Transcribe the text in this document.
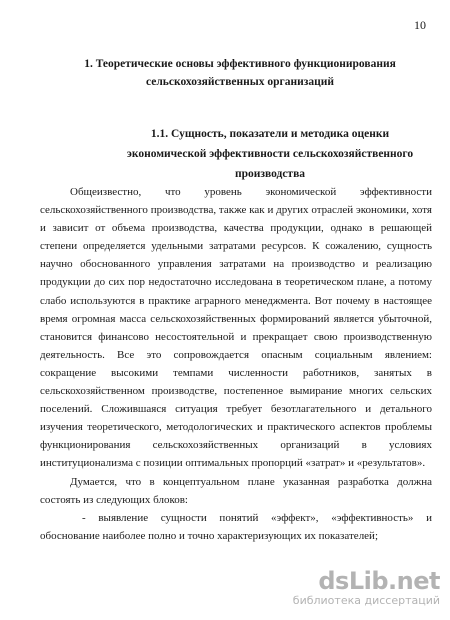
10
1. Теоретические основы эффективного функционирования сельскохозяйственных организаций
1.1. Сущность, показатели и методика оценки экономической эффективности сельскохозяйственного производства

Общеизвестно, что уровень экономической эффективности сельскохозяйственного производства, также как и других отраслей экономики, хотя и зависит от объема производства, качества продукции, однако в решающей степени определяется удельными затратами ресурсов. К сожалению, сущность научно обоснованного управления затратами на производство и реализацию продукции до сих пор недостаточно исследована в теоретическом плане, а потому слабо используются в практике аграрного менеджмента. Вот почему в настоящее время огромная масса сельскохозяйственных формирований является убыточной, становится финансово несостоятельной и прекращает свою производственную деятельность. Все это сопровождается опасным социальным явлением: сокращение высокими темпами численности работников, занятых в сельскохозяйственном производстве, постепенное вымирание многих сельских поселений. Сложившаяся ситуация требует безотлагательного и детального изучения теоретического, методологических и практического аспектов проблемы функционирования сельскохозяйственных организаций в условиях институционализма с позиции оптимальных пропорций «затрат» и «результатов».

Думается, что в концептуальном плане указанная разработка должна состоять из следующих блоков:

- выявление сущности понятий «эффект», «эффективность» и обоснование наиболее полно и точно характеризующих их показателей;

dsLib.net
библиотека диссертаций
